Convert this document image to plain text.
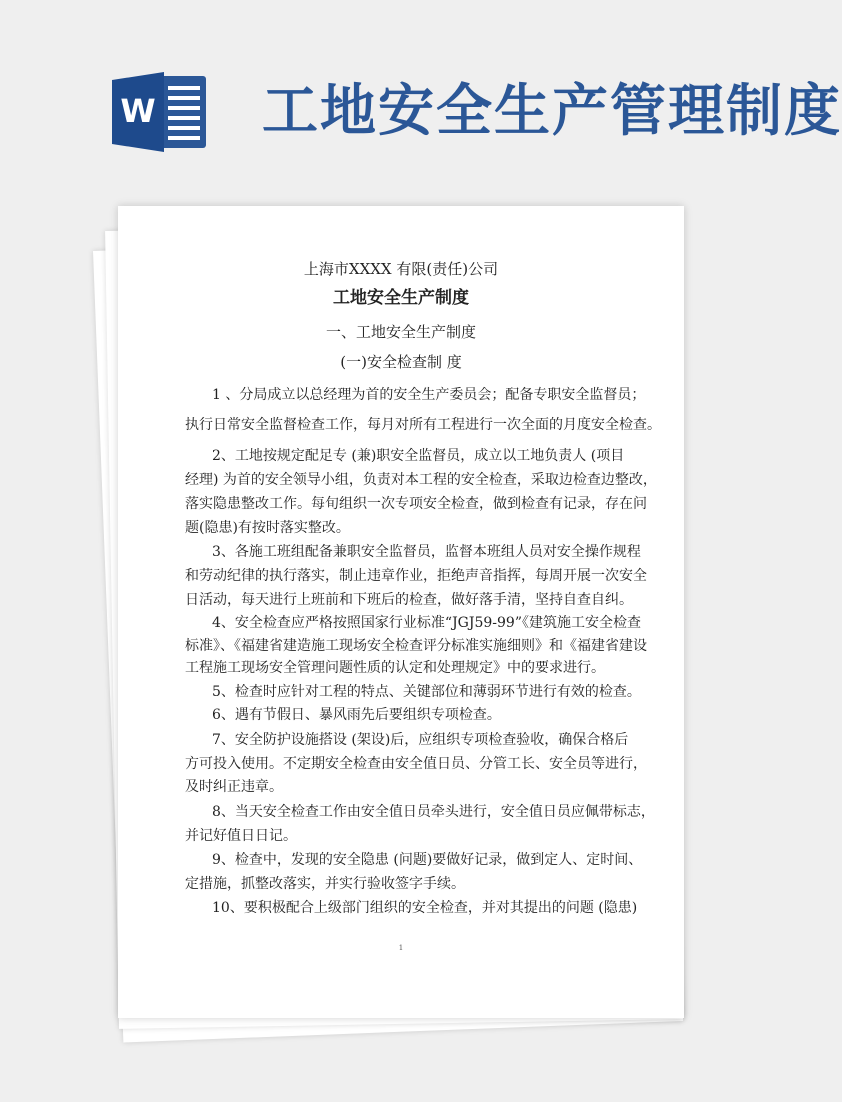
W 工地安全生产管理制度
上海市XXXX 有限(责任)公司
工地安全生产制度
一、工地安全生产制度
(一)安全检查制 度
1 、分局成立以总经理为首的安全生产委员会；配备专职安全监督员；
执行日常安全监督检查工作，每月对所有工程进行一次全面的月度安全检查。
2、工地按规定配足专 (兼)职安全监督员，成立以工地负责人 (项目
经理) 为首的安全领导小组，负责对本工程的安全检查，采取边检查边整改，
落实隐患整改工作。每旬组织一次专项安全检查，做到检查有记录，存在问
题(隐患)有按时落实整改。
3、各施工班组配备兼职安全监督员，监督本班组人员对安全操作规程
和劳动纪律的执行落实，制止违章作业，拒绝声音指挥，每周开展一次安全
日活动，每天进行上班前和下班后的检查，做好落手清，坚持自查自纠。
4、安全检查应严格按照国家行业标准“JGJ59-99”《建筑施工安全检查
标准》、《福建省建造施工现场安全检查评分标准实施细则》和《福建省建设
工程施工现场安全管理问题性质的认定和处理规定》中的要求进行。
5、检查时应针对工程的特点、关键部位和薄弱环节进行有效的检查。
6、遇有节假日、暴风雨先后要组织专项检查。
7、安全防护设施搭设 (架设)后，应组织专项检查验收，确保合格后
方可投入使用。不定期安全检查由安全值日员、分管工长、安全员等进行，
及时纠正违章。
8、当天安全检查工作由安全值日员牵头进行，安全值日员应佩带标志，
并记好值日日记。
9、检查中，发现的安全隐患 (问题)要做好记录，做到定人、定时间、
定措施，抓整改落实，并实行验收签字手续。
10、要积极配合上级部门组织的安全检查，并对其提出的问题 (隐患)
1
